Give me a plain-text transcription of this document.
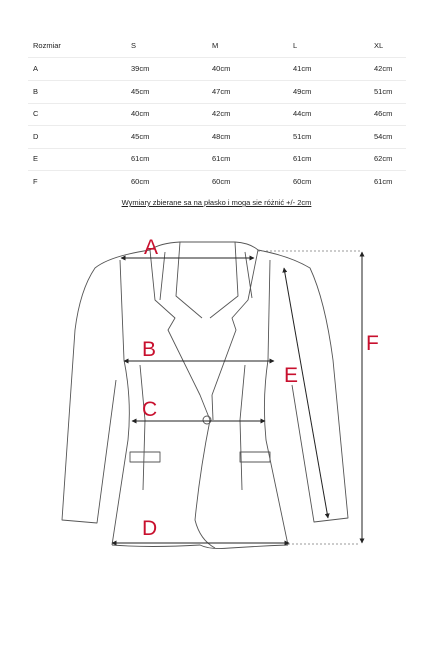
Rozmiar	S	M	L	XL
A	39cm	40cm	41cm	42cm
B	45cm	47cm	49cm	51cm
C	40cm	42cm	44cm	46cm
D	45cm	48cm	51cm	54cm
E	61cm	61cm	61cm	62cm
F	60cm	60cm	60cm	61cm
Wymiary zbierane sa na płasko i moga sie różnić +/- 2cm
A
B
C
D
E
F
